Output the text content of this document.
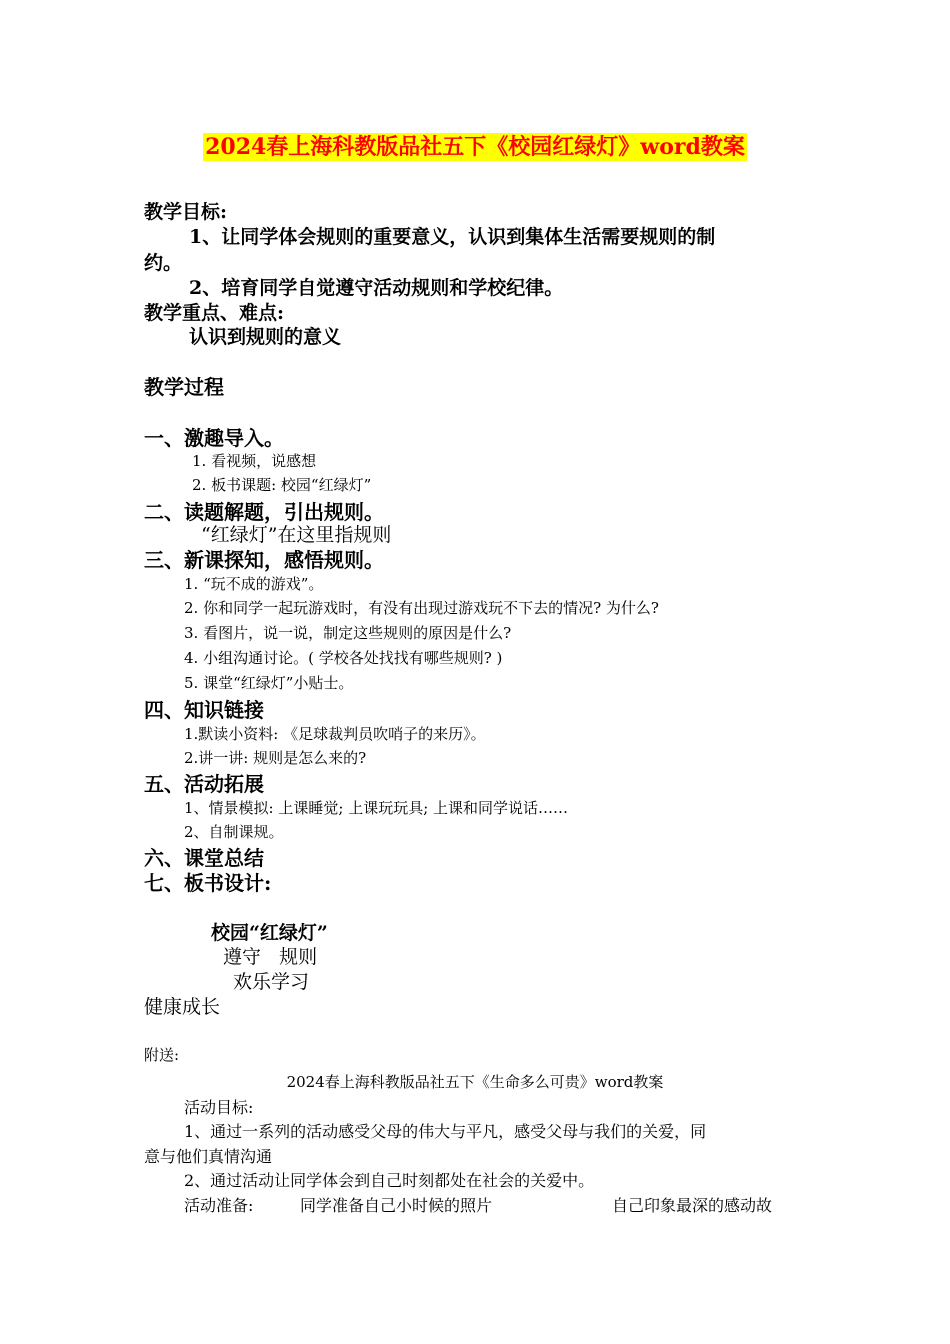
2024春上海科教版品社五下《校园红绿灯》word教案
教学目标:
1、让同学体会规则的重要意义，认识到集体生活需要规则的制
约。
2、培育同学自觉遵守活动规则和学校纪律。
教学重点、难点:
认识到规则的意义
教学过程
一、激趣导入。
1. 看视频，说感想
2. 板书课题: 校园“红绿灯”
二、读题解题，引出规则。
“红绿灯”在这里指规则
三、新课探知，感悟规则。
1. “玩不成的游戏”。
2. 你和同学一起玩游戏时，有没有出现过游戏玩不下去的情况? 为什么?
3. 看图片，说一说，制定这些规则的原因是什么?
4. 小组沟通讨论。( 学校各处找找有哪些规则? )
5. 课堂“红绿灯”小贴士。
四、知识链接
1.默读小资料: 《足球裁判员吹哨子的来历》。
2.讲一讲: 规则是怎么来的?
五、活动拓展
1、情景模拟: 上课睡觉; 上课玩玩具; 上课和同学说话……
2、自制课规。
六、课堂总结
七、板书设计:
校园“红绿灯”
遵守   规则
欢乐学习
健康成长
附送:
2024春上海科教版品社五下《生命多么可贵》word教案
活动目标:
1、通过一系列的活动感受父母的伟大与平凡，感受父母与我们的关爱，同
意与他们真情沟通
2、通过活动让同学体会到自己时刻都处在社会的关爱中。
活动准备:	同学准备自己小时候的照片	自己印象最深的感动故
